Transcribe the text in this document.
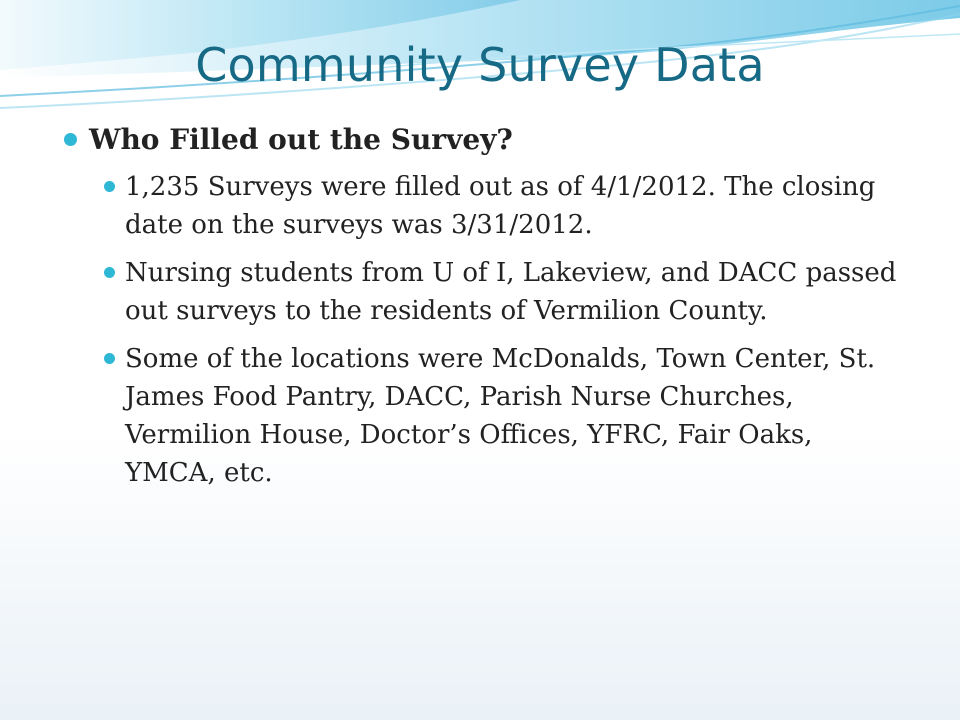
Community Survey Data
Who Filled out the Survey?
1,235 Surveys were filled out as of 4/1/2012. The closing date on the surveys was 3/31/2012.
Nursing students from U of I, Lakeview, and DACC passed out surveys to the residents of Vermilion County.
Some of the locations were McDonalds, Town Center, St. James Food Pantry, DACC, Parish Nurse Churches, Vermilion House, Doctor’s Offices, YFRC, Fair Oaks, YMCA, etc.
